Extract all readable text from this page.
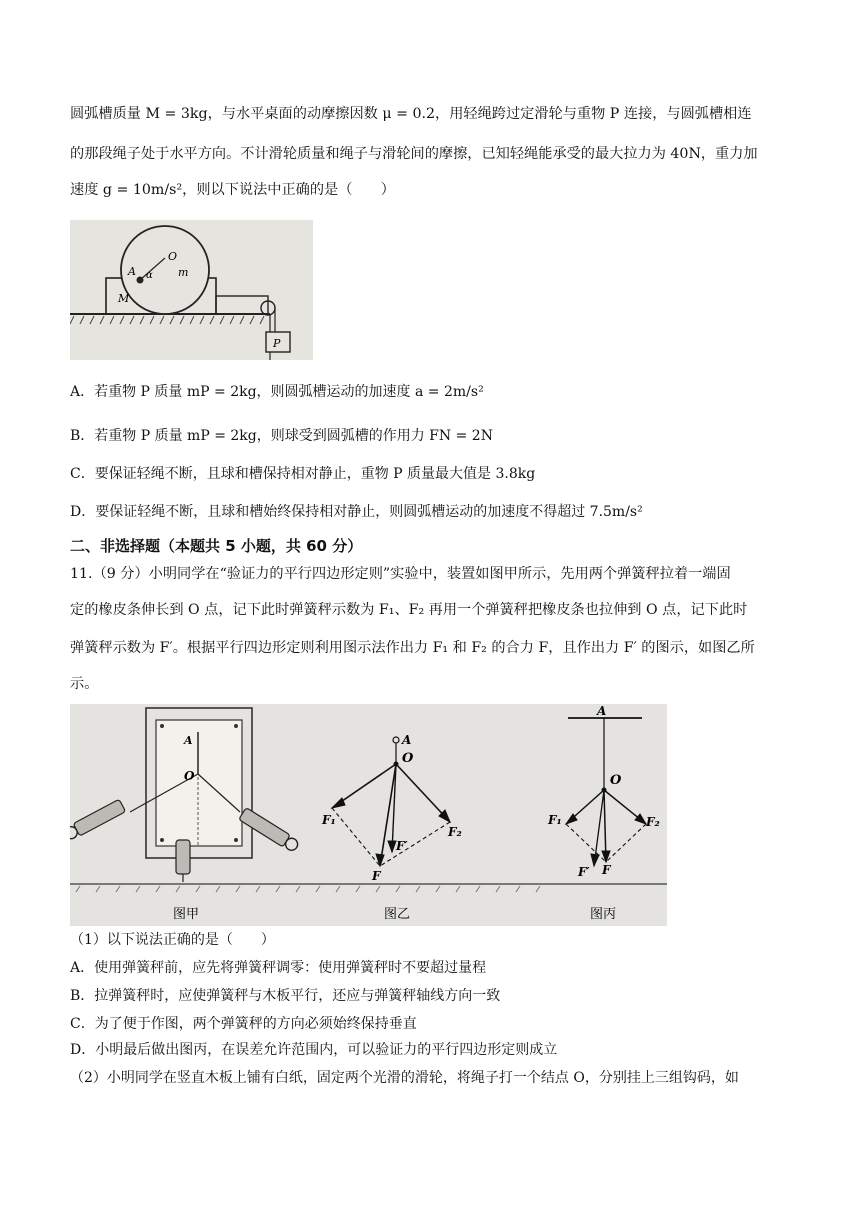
圆弧槽质量 M = 3kg，与水平桌面的动摩擦因数 μ = 0.2，用轻绳跨过定滑轮与重物 P 连接，与圆弧槽相连
的那段绳子处于水平方向。不计滑轮质量和绳子与滑轮间的摩擦，已知轻绳能承受的最大拉力为 40N，重力加
速度 g = 10m/s²，则以下说法中正确的是（　　）
O
A α m
M
P
A．若重物 P 质量 mP = 2kg，则圆弧槽运动的加速度 a = 2m/s²
B．若重物 P 质量 mP = 2kg，则球受到圆弧槽的作用力 FN = 2N
C．要保证轻绳不断，且球和槽保持相对静止，重物 P 质量最大值是 3.8kg
D．要保证轻绳不断，且球和槽始终保持相对静止，则圆弧槽运动的加速度不得超过 7.5m/s²
二、非选择题（本题共 5 小题，共 60 分）
11.（9 分）小明同学在“验证力的平行四边形定则”实验中，装置如图甲所示，先用两个弹簧秤拉着一端固
定的橡皮条伸长到 O 点，记下此时弹簧秤示数为 F₁、F₂ 再用一个弹簧秤把橡皮条也拉伸到 O 点，记下此时
弹簧秤示数为 F′。根据平行四边形定则利用图示法作出力 F₁ 和 F₂ 的合力 F，且作出力 F′ 的图示，如图乙所
示。
A
O
图甲
A
O
F₁
F₂
F′
F
图乙
A
O
F₁	F₂
F′ F
图丙
（1）以下说法正确的是（　　）
A．使用弹簧秤前，应先将弹簧秤调零：使用弹簧秤时不要超过量程
B．拉弹簧秤时，应使弹簧秤与木板平行，还应与弹簧秤轴线方向一致
C．为了便于作图，两个弹簧秤的方向必须始终保持垂直
D．小明最后做出图丙，在误差允许范围内，可以验证力的平行四边形定则成立
（2）小明同学在竖直木板上铺有白纸，固定两个光滑的滑轮，将绳子打一个结点 O，分别挂上三组钩码，如
